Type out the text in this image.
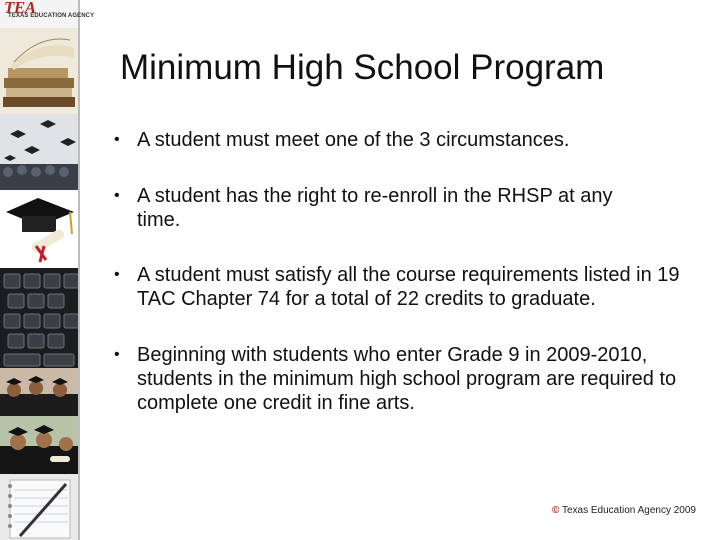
TEA
TEXAS EDUCATION AGENCY
Minimum High School Program
• A student must meet one of the 3 circumstances.
• A student has the right to re-enroll in the RHSP at any time.
• A student must satisfy all the course requirements listed in 19 TAC Chapter 74 for a total of 22 credits to graduate.
• Beginning with students who enter Grade 9 in 2009-2010, students in the minimum high school program are required to complete one credit in fine arts.
© Texas Education Agency 2009
